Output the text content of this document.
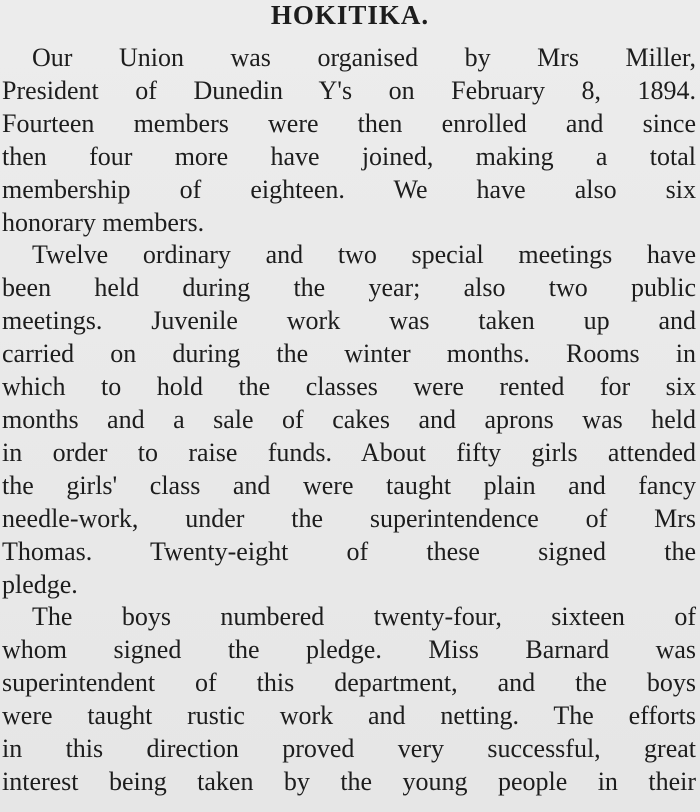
HOKITIKA.

Our Union was organised by Mrs Miller,
President of Dunedin Y's on February 8, 1894.
Fourteen members were then enrolled and since
then four more have joined, making a total
membership of eighteen. We have also six
honorary members.

Twelve ordinary and two special meetings have
been held during the year; also two public
meetings. Juvenile work was taken up and
carried on during the winter months. Rooms in
which to hold the classes were rented for six
months and a sale of cakes and aprons was held
in order to raise funds. About fifty girls attended
the girls' class and were taught plain and fancy
needle-work, under the superintendence of Mrs
Thomas. Twenty-eight of these signed the
pledge.

The boys numbered twenty-four, sixteen of
whom signed the pledge. Miss Barnard was
superintendent of this department, and the boys
were taught rustic work and netting. The efforts
in this direction proved very successful, great
interest being taken by the young people in their
